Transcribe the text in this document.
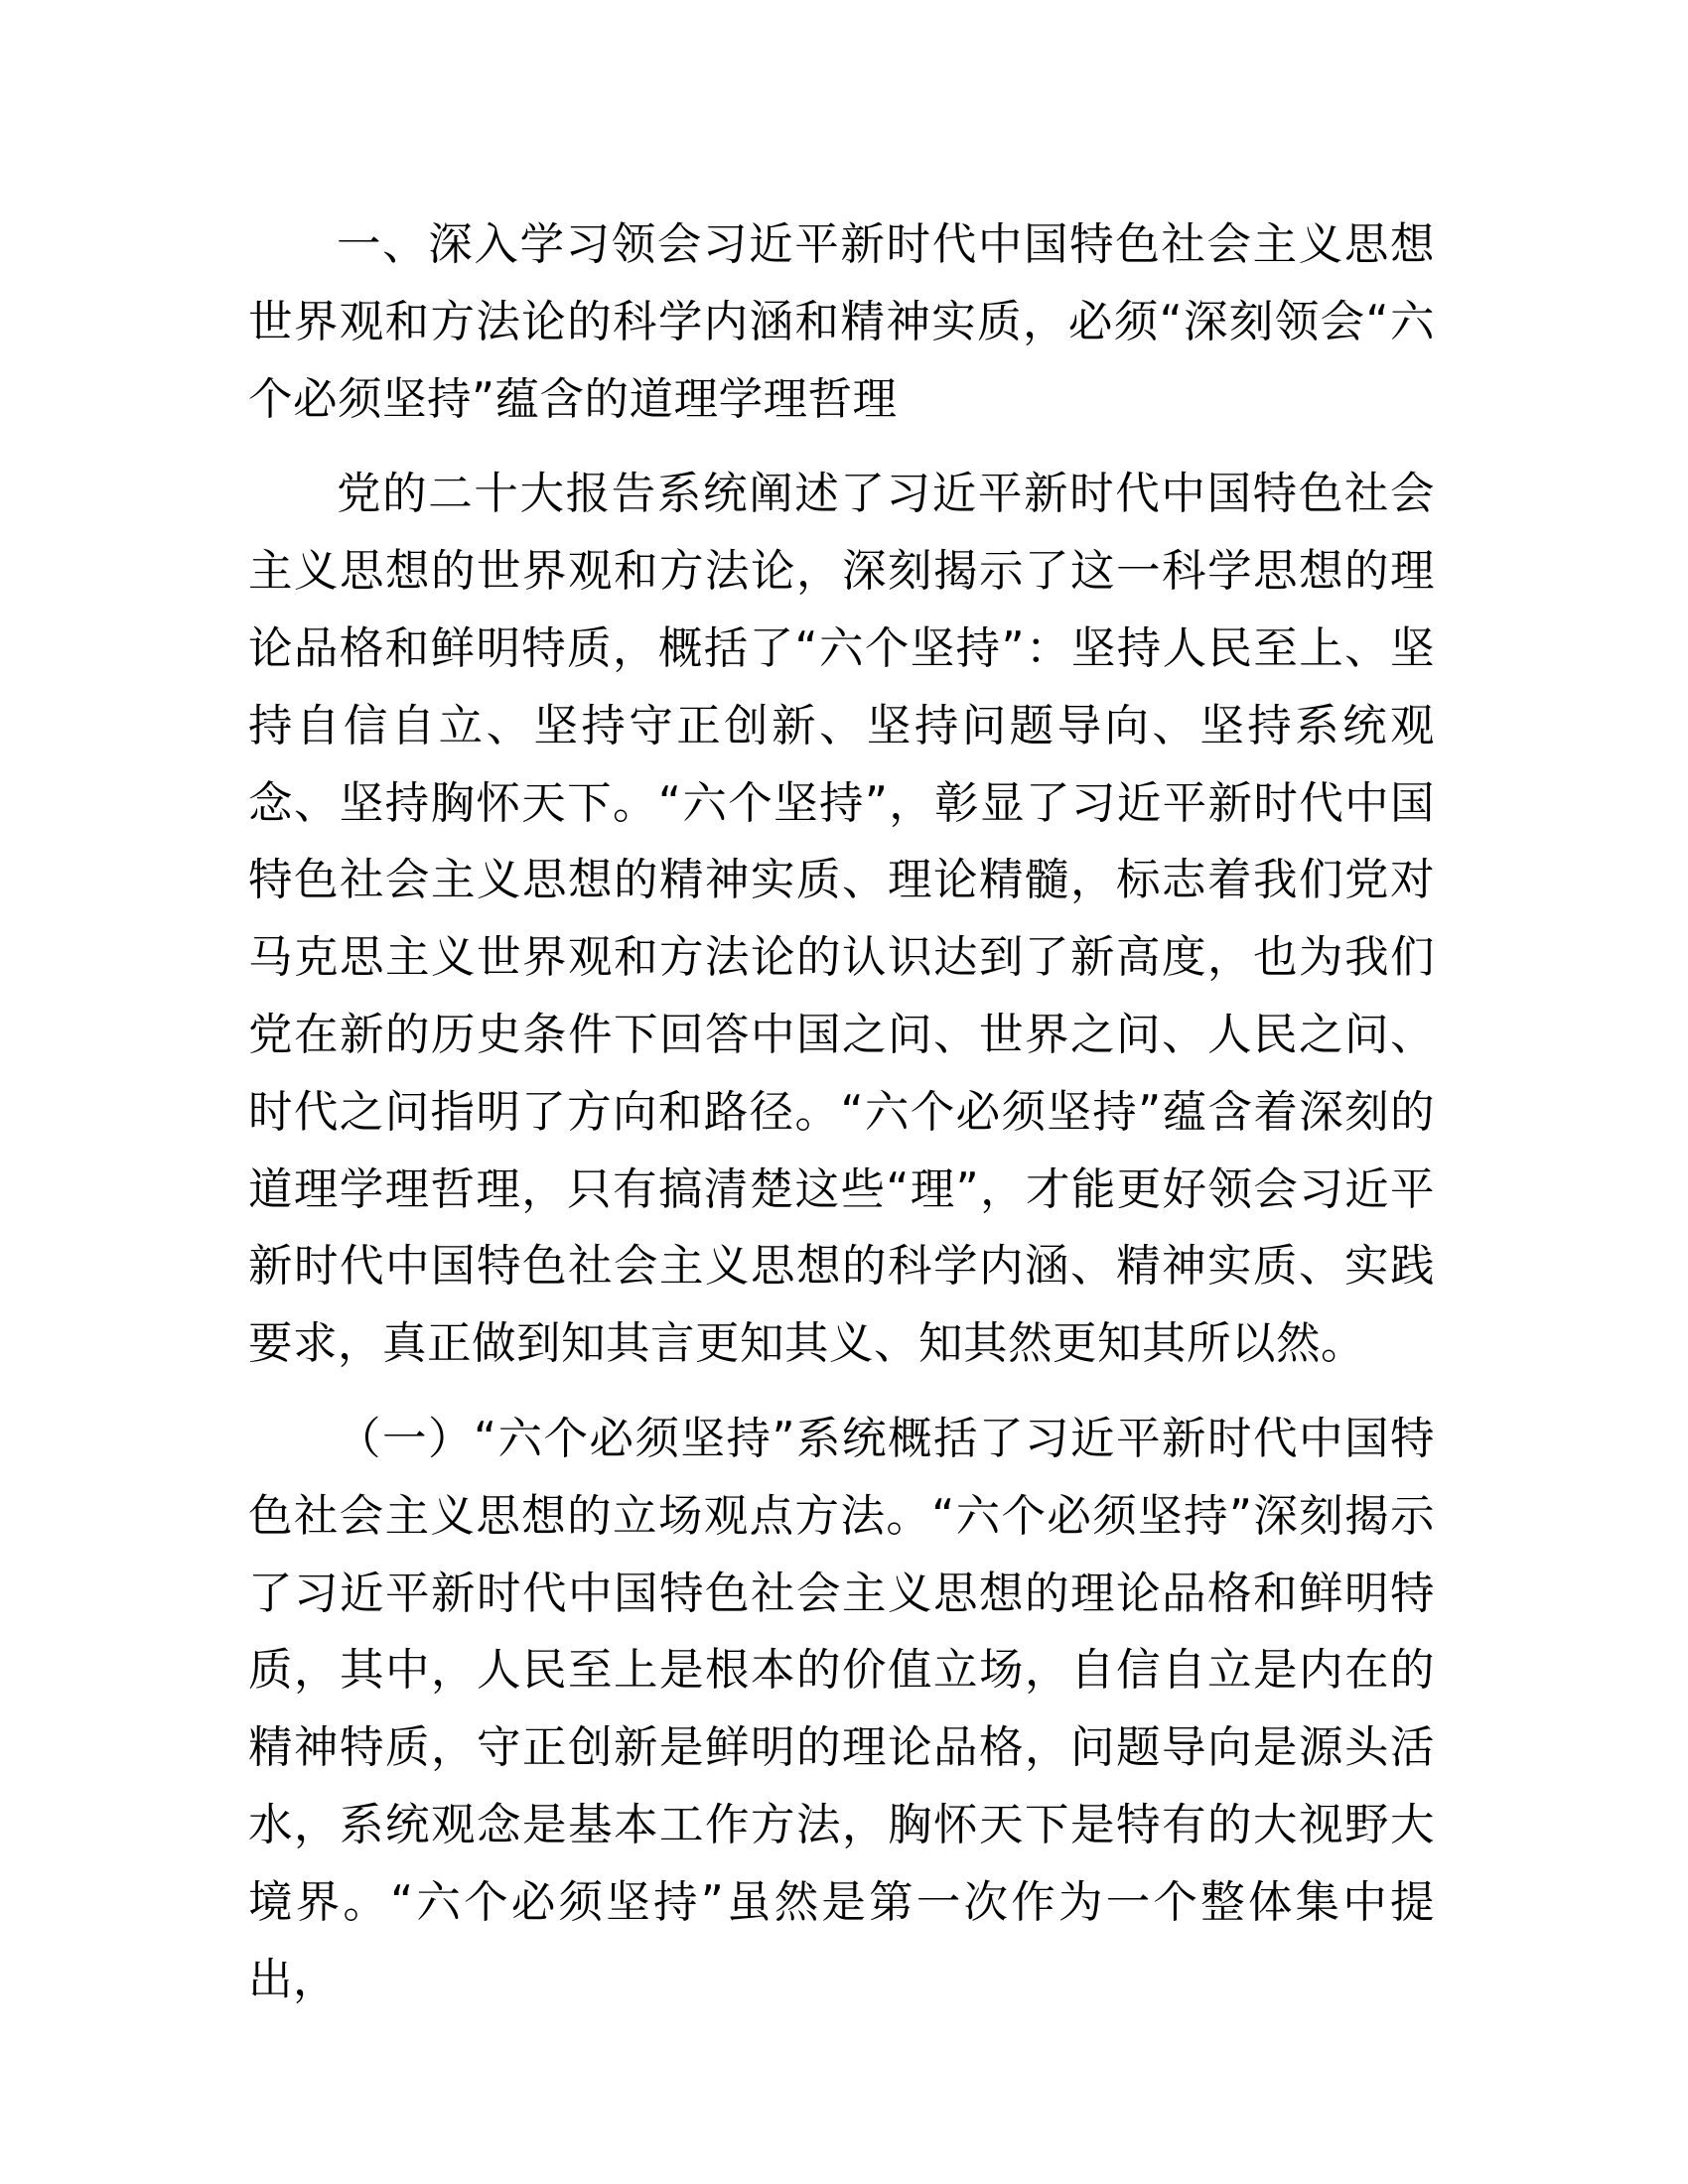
一、深入学习领会习近平新时代中国特色社会主义思想世界观和方法论的科学内涵和精神实质，必须“深刻领会“六个必须坚持”蕴含的道理学理哲理

党的二十大报告系统阐述了习近平新时代中国特色社会主义思想的世界观和方法论，深刻揭示了这一科学思想的理论品格和鲜明特质，概括了“六个坚持”：坚持人民至上、坚持自信自立、坚持守正创新、坚持问题导向、坚持系统观念、坚持胸怀天下。“六个坚持”，彰显了习近平新时代中国特色社会主义思想的精神实质、理论精髓，标志着我们党对马克思主义世界观和方法论的认识达到了新高度，也为我们党在新的历史条件下回答中国之问、世界之问、人民之问、时代之问指明了方向和路径。“六个必须坚持”蕴含着深刻的道理学理哲理，只有搞清楚这些“理”，才能更好领会习近平新时代中国特色社会主义思想的科学内涵、精神实质、实践要求，真正做到知其言更知其义、知其然更知其所以然。

（一）“六个必须坚持”系统概括了习近平新时代中国特色社会主义思想的立场观点方法。“六个必须坚持”深刻揭示了习近平新时代中国特色社会主义思想的理论品格和鲜明特质，其中，人民至上是根本的价值立场，自信自立是内在的精神特质，守正创新是鲜明的理论品格，问题导向是源头活水，系统观念是基本工作方法，胸怀天下是特有的大视野大境界。“六个必须坚持”虽然是第一次作为一个整体集中提出，
